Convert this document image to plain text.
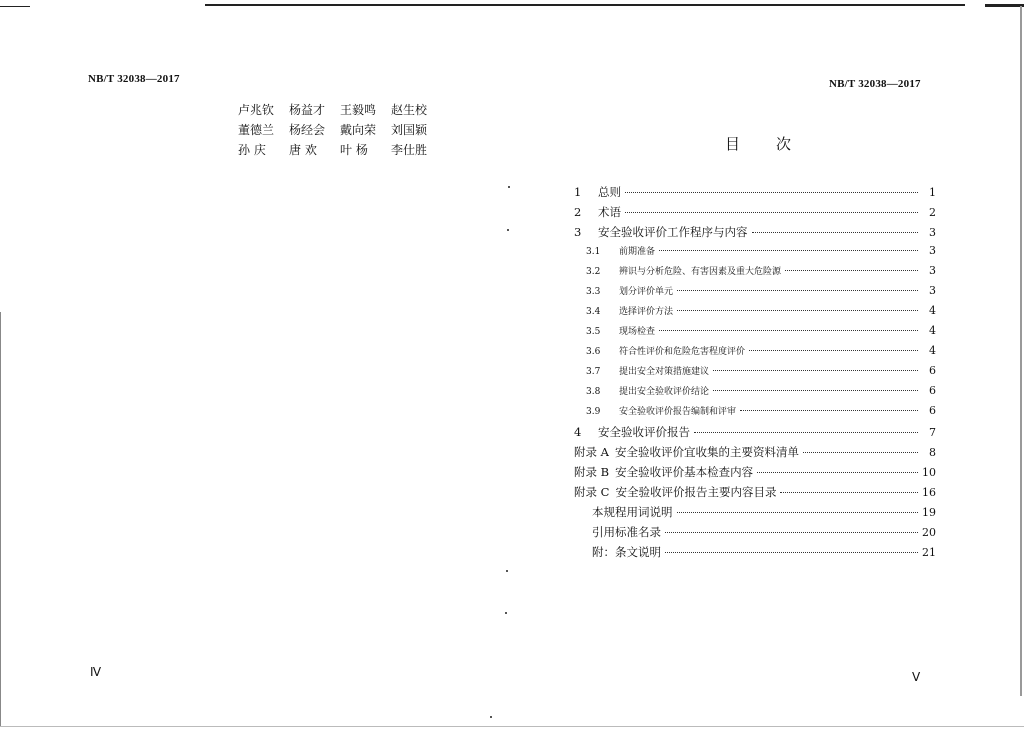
NB/T 32038—2017
卢兆钦	杨益才	王毅鸣	赵生校
董德兰	杨经会	戴向荣	刘国颖
孙 庆	唐 欢	叶 杨	李仕胜
Ⅳ
NB/T 32038—2017
目次
1	总则	1
2	术语	2
3	安全验收评价工作程序与内容	3
3.1	前期准备	3
3.2	辨识与分析危险、有害因素及重大危险源	3
3.3	划分评价单元	3
3.4	选择评价方法	4
3.5	现场检查	4
3.6	符合性评价和危险危害程度评价	4
3.7	提出安全对策措施建议	6
3.8	提出安全验收评价结论	6
3.9	安全验收评价报告编制和评审	6
4	安全验收评价报告	7
附录 A 安全验收评价宜收集的主要资料清单	8
附录 B 安全验收评价基本检查内容	10
附录 C 安全验收评价报告主要内容目录	16
本规程用词说明	19
引用标准名录	20
附：条文说明	21
Ⅴ
